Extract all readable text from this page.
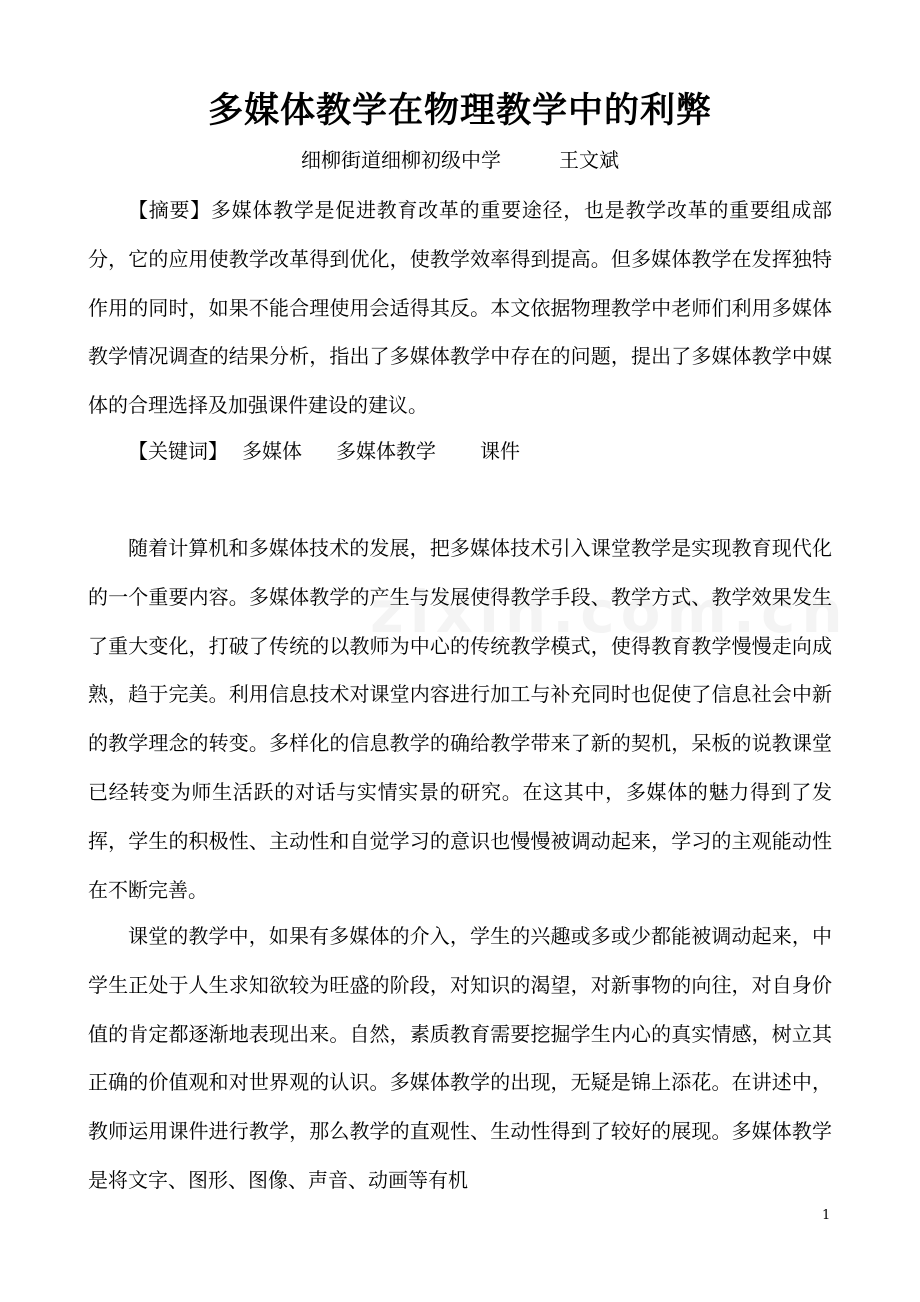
多媒体教学在物理教学中的利弊
细柳街道细柳初级中学	王文斌

【摘要】多媒体教学是促进教育改革的重要途径，也是教学改革的重要组成部分，它的应用使教学改革得到优化，使教学效率得到提高。但多媒体教学在发挥独特作用的同时，如果不能合理使用会适得其反。本文依据物理教学中老师们利用多媒体教学情况调查的结果分析，指出了多媒体教学中存在的问题，提出了多媒体教学中媒体的合理选择及加强课件建设的建议。

【关键词】 多媒体 多媒体教学 课件

随着计算机和多媒体技术的发展，把多媒体技术引入课堂教学是实现教育现代化的一个重要内容。多媒体教学的产生与发展使得教学手段、教学方式、教学效果发生了重大变化，打破了传统的以教师为中心的传统教学模式，使得教育教学慢慢走向成熟，趋于完美。利用信息技术对课堂内容进行加工与补充同时也促使了信息社会中新的教学理念的转变。多样化的信息教学的确给教学带来了新的契机，呆板的说教课堂已经转变为师生活跃的对话与实情实景的研究。在这其中，多媒体的魅力得到了发挥，学生的积极性、主动性和自觉学习的意识也慢慢被调动起来，学习的主观能动性在不断完善。

课堂的教学中，如果有多媒体的介入，学生的兴趣或多或少都能被调动起来，中学生正处于人生求知欲较为旺盛的阶段，对知识的渴望，对新事物的向往，对自身价值的肯定都逐渐地表现出来。自然，素质教育需要挖掘学生内心的真实情感，树立其正确的价值观和对世界观的认识。多媒体教学的出现，无疑是锦上添花。在讲述中，教师运用课件进行教学，那么教学的直观性、生动性得到了较好的展现。多媒体教学是将文字、图形、图像、声音、动画等有机

1
